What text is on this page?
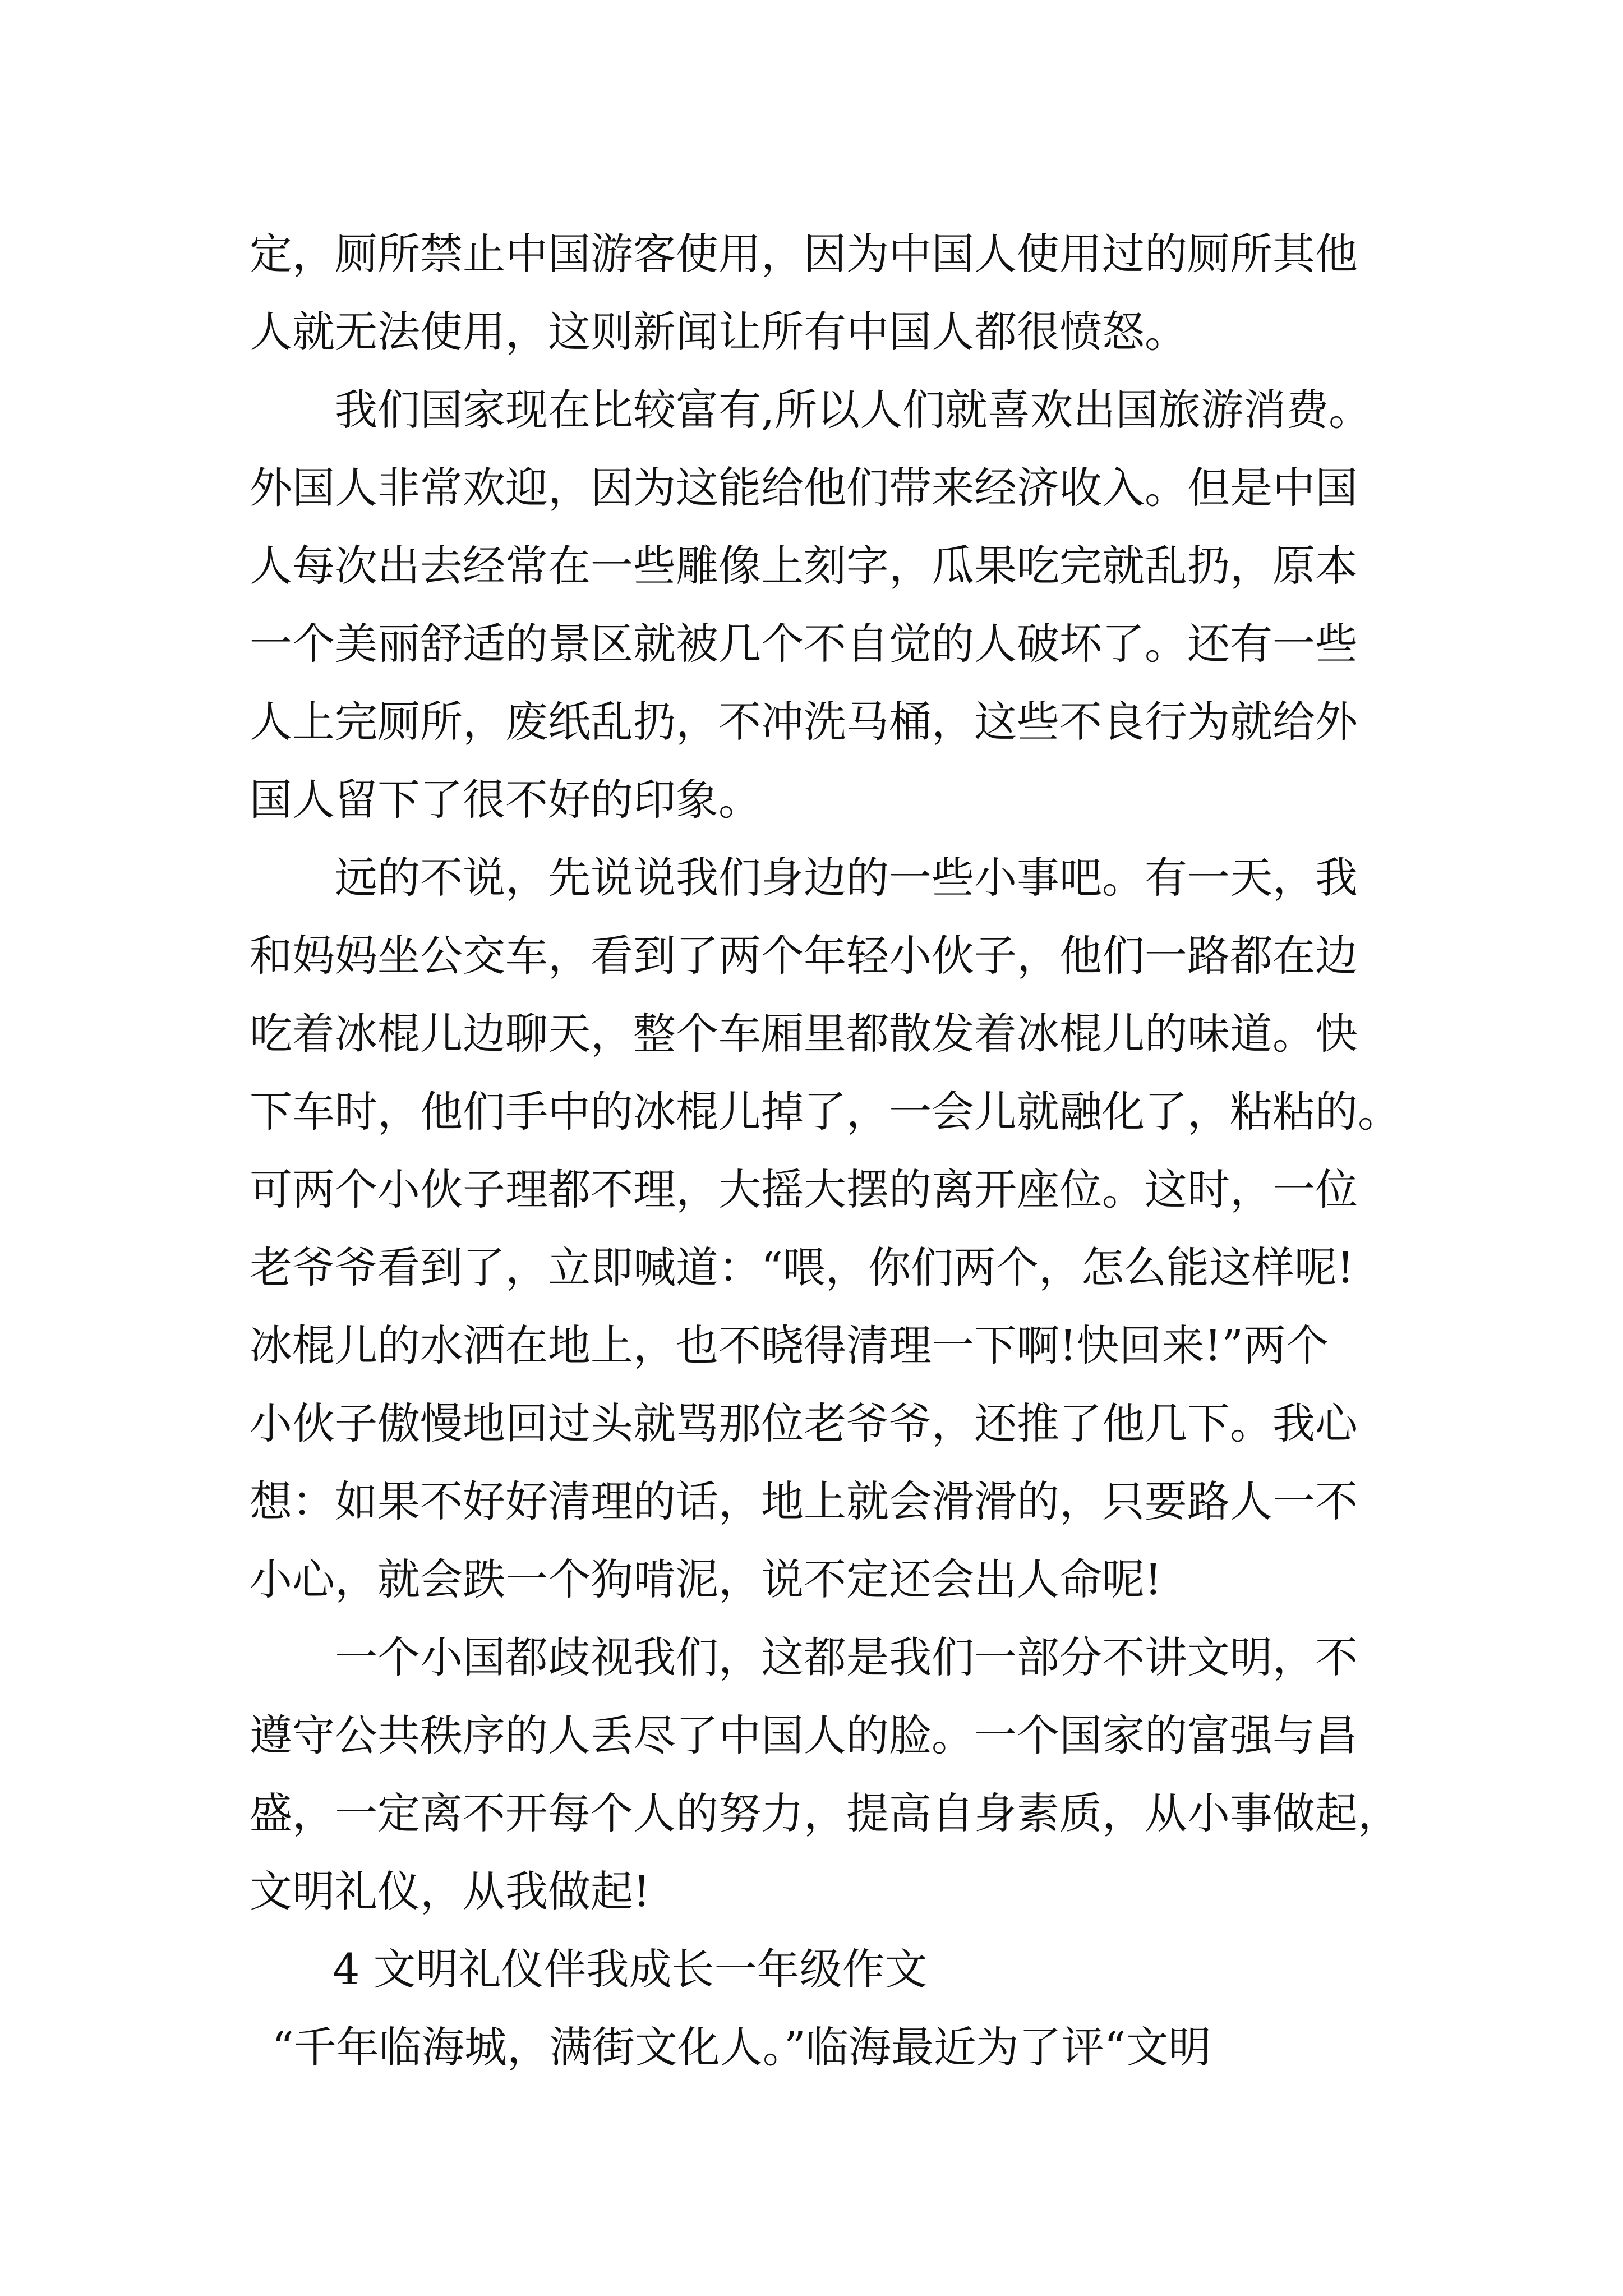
定，厕所禁止中国游客使用，因为中国人使用过的厕所其他
人就无法使用，这则新闻让所有中国人都很愤怒。
我们国家现在比较富有,所以人们就喜欢出国旅游消费。
外国人非常欢迎，因为这能给他们带来经济收入。但是中国
人每次出去经常在一些雕像上刻字，瓜果吃完就乱扔，原本
一个美丽舒适的景区就被几个不自觉的人破坏了。还有一些
人上完厕所，废纸乱扔，不冲洗马桶，这些不良行为就给外
国人留下了很不好的印象。
远的不说，先说说我们身边的一些小事吧。有一天，我
和妈妈坐公交车，看到了两个年轻小伙子，他们一路都在边
吃着冰棍儿边聊天，整个车厢里都散发着冰棍儿的味道。快
下车时，他们手中的冰棍儿掉了，一会儿就融化了，粘粘的。
可两个小伙子理都不理，大摇大摆的离开座位。这时，一位
老爷爷看到了，立即喊道：“喂，你们两个，怎么能这样呢!
冰棍儿的水洒在地上，也不晓得清理一下啊!快回来!”两个
小伙子傲慢地回过头就骂那位老爷爷，还推了他几下。我心
想：如果不好好清理的话，地上就会滑滑的，只要路人一不
小心，就会跌一个狗啃泥，说不定还会出人命呢!
一个小国都歧视我们，这都是我们一部分不讲文明，不
遵守公共秩序的人丢尽了中国人的脸。一个国家的富强与昌
盛，一定离不开每个人的努力，提高自身素质，从小事做起，
文明礼仪，从我做起!
4 文明礼仪伴我成长一年级作文
“千年临海城，满街文化人。”临海最近为了评“文明
